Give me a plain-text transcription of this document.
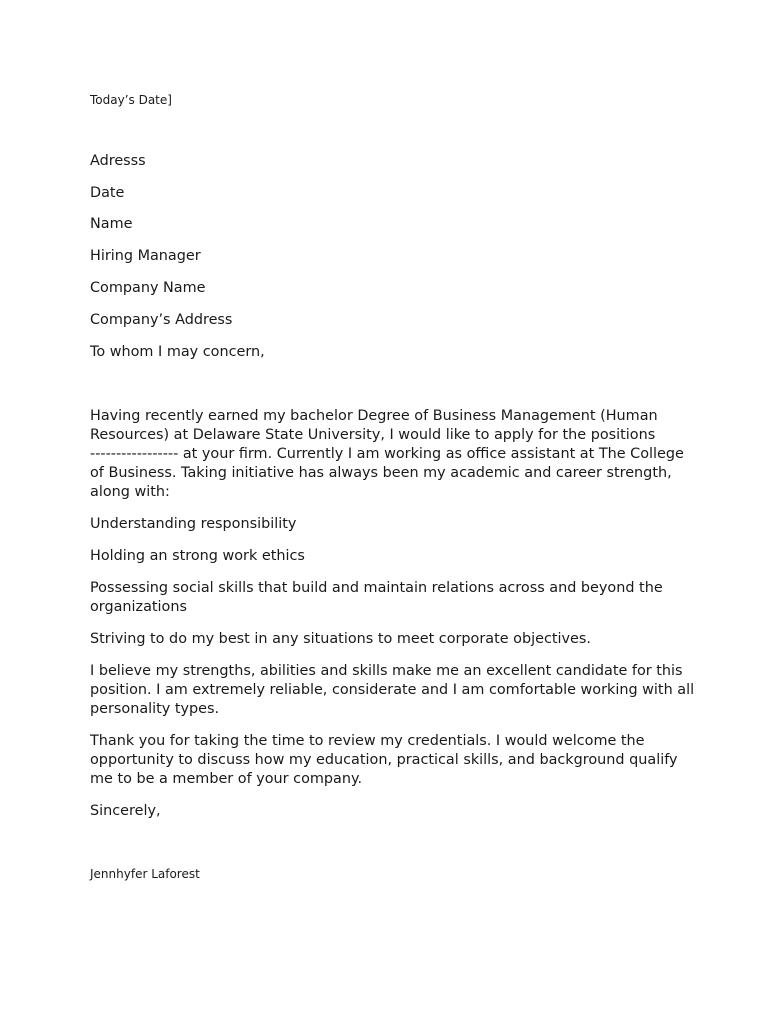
Today’s Date]

Adresss

Date

Name

Hiring Manager

Company Name

Company’s Address

To whom I may concern,

Having recently earned my bachelor Degree of Business Management (Human
Resources) at Delaware State University, I would like to apply for the positions
----------------- at your firm. Currently I am working as office assistant at The College
of Business. Taking initiative has always been my academic and career strength,
along with:

Understanding responsibility

Holding an strong work ethics

Possessing social skills that build and maintain relations across and beyond the
organizations

Striving to do my best in any situations to meet corporate objectives.

I believe my strengths, abilities and skills make me an excellent candidate for this
position. I am extremely reliable, considerate and I am comfortable working with all
personality types.

Thank you for taking the time to review my credentials. I would welcome the
opportunity to discuss how my education, practical skills, and background qualify
me to be a member of your company.

Sincerely,

Jennhyfer Laforest
